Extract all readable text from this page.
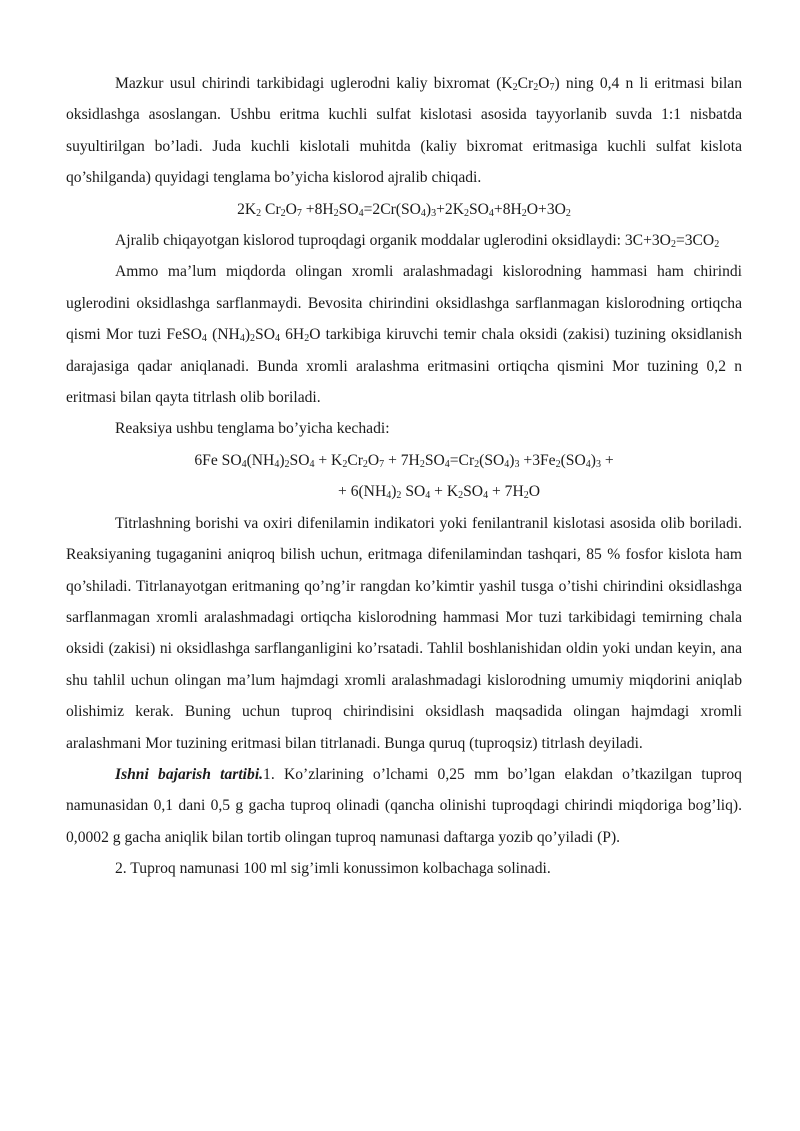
Mazkur usul chirindi tarkibidagi uglerodni kaliy bixromat $(K_2Cr_2O_7)$ ning 0,4 n li eritmasi bilan oksidlashga asoslangan. Ushbu eritma kuchli sulfat kislotasi asosida tayyorlanib suvda 1:1 nisbatda suyultirilgan bo’ladi. Juda kuchli kislotali muhitda (kaliy bixromat eritmasiga kuchli sulfat kislota qo’shilganda) quyidagi tenglama bo’yicha kislorod ajralib chiqadi.

$2K_2$ $Cr_2O_7 +8H_2SO_4=2Cr(SO_4)_3+2K_2SO_4+8H_2O+3O_2$

Ajralib chiqayotgan kislorod tuproqdagi organik moddalar uglerodini oksidlaydi: $3C+3O_2=3CO_2$

Ammo ma’lum miqdorda olingan xromli aralashmadagi kislorodning hammasi ham chirindi uglerodini oksidlashga sarflanmaydi. Bevosita chirindini oksidlashga sarflanmagan kislorodning ortiqcha qismi Mor tuzi FeSO$_4$ $(NH_4)_2SO_4$ $6H_2O$ tarkibiga kiruvchi temir chala oksidi (zakisi) tuzining oksidlanish darajasiga qadar aniqlanadi. Bunda xromli aralashma eritmasini ortiqcha qismini Mor tuzining 0,2 n eritmasi bilan qayta titrlash olib boriladi.

Reaksiya ushbu tenglama bo’yicha kechadi:

6Fe $SO_4(NH_4)_2SO_4 + K_2Cr_2O_7 + 7H_2SO_4=Cr_2(SO_4)_3 +3Fe_2(SO_4)_3$ +

+ $6(NH_4)_2$ $SO_4 + K_2SO_4 + 7H_2O$

Titrlashning borishi va oxiri difenilamin indikatori yoki fenilantranil kislotasi asosida olib boriladi. Reaksiyaning tugaganini aniqroq bilish uchun, eritmaga difenilamindan tashqari, 85 % fosfor kislota ham qo’shiladi. Titrlanayotgan eritmaning qo’ng’ir rangdan ko’kimtir yashil tusga o’tishi chirindini oksidlashga sarflanmagan xromli aralashmadagi ortiqcha kislorodning hammasi Mor tuzi tarkibidagi temirning chala oksidi (zakisi) ni oksidlashga sarflanganligini ko’rsatadi. Tahlil boshlanishidan oldin yoki undan keyin, ana shu tahlil uchun olingan ma’lum hajmdagi xromli aralashmadagi kislorodning umumiy miqdorini aniqlab olishimiz kerak. Buning uchun tuproq chirindisini oksidlash maqsadida olingan hajmdagi xromli aralashmani Mor tuzining eritmasi bilan titrlanadi. Bunga quruq (tuproqsiz) titrlash deyiladi.

Ishni bajarish tartibi.1. Ko’zlarining o’lchami 0,25 mm bo’lgan elakdan o’tkazilgan tuproq namunasidan 0,1 dani 0,5 g gacha tuproq olinadi (qancha olinishi tuproqdagi chirindi miqdoriga bog’liq). 0,0002 g gacha aniqlik bilan tortib olingan tuproq namunasi daftarga yozib qo’yiladi (P).

2. Tuproq namunasi 100 ml sig’imli konussimon kolbachaga solinadi.
